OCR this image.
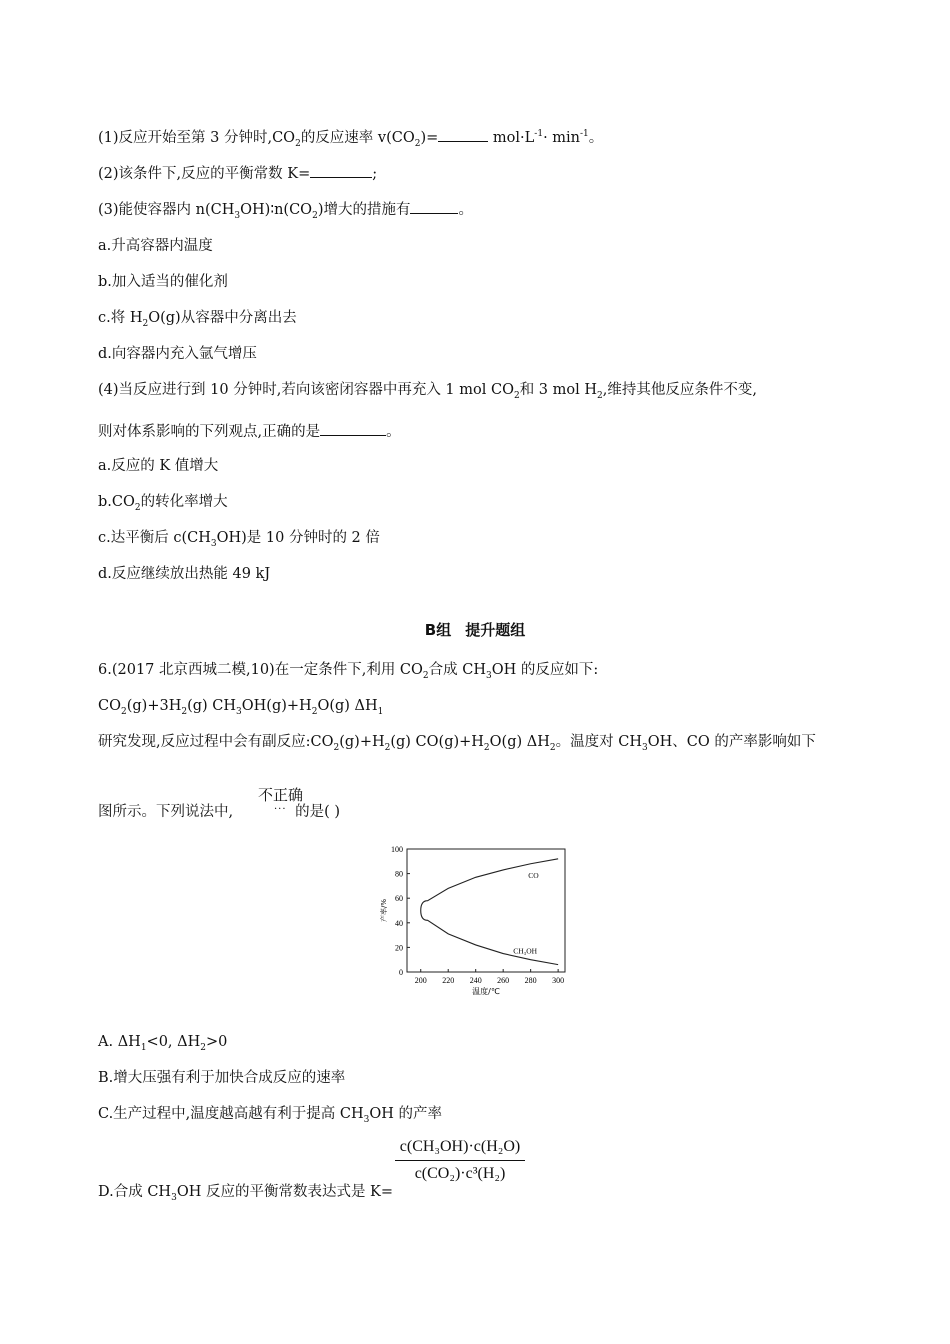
(1)反应开始至第 3 分钟时$,CO_2$的反应速率 $v(CO_2)=$	$mol\cdot L^{-1}\cdot \min^{-1}$。
(2)该条件下,反应的平衡常数 K=	;
(3)能使容器内 $n(CH_3OH)∶n(CO_2)$增大的措施有	。
a.升高容器内温度
b.加入适当的催化剂
c.将 $H_2O(g)$从容器中分离出去
d.向容器内充入氩气增压
(4)当反应进行到 10 分钟时,若向该密闭容器中再充入 1 mol $CO_2$和 3 mol $H_2$,维持其他反应条件不变,
则对体系影响的下列观点,正确的是	。
a.反应的 K 值增大
$b.CO_2$的转化率增大
c.达平衡后 $c(CH_3OH)$是 10 分钟时的 2 倍
d.反应继续放出热能 49 kJ
B组 提升题组
6.(2017 北京西城二模,10)在一定条件下,利用 $CO_2$合成 $CH_3OH$ 的反应如下:
$CO_2(g)+3H_2(g)$ $CH_3OH(g)+H_2O(g)$ $\Delta H_1$
研究发现,反应过程中会有副反应$:CO_2(g)+H_2(g)$ $CO(g)+H_2O(g)$ $\Delta H_2$。温度对 $CH_3OH$、CO 的产率影响如下
图所示。下列说法中,	的是( )
不正确
···
0
20
40
60
80
100
200 220 240 260 280 300
温度/℃
产率/%
CO
CH₃OH
A. $\Delta H_1<0$, $\Delta H_2>0$
B.增大压强有利于加快合成反应的速率
C.生产过程中,温度越高越有利于提高 $CH_3OH$ 的产率
D.合成 $CH_3OH$ 反应的平衡常数表达式是 K=
$\frac{\text{c(CH₃OH)·c(H₂O)}}{\text{c(CO₂)·c³(H₂)}}$
